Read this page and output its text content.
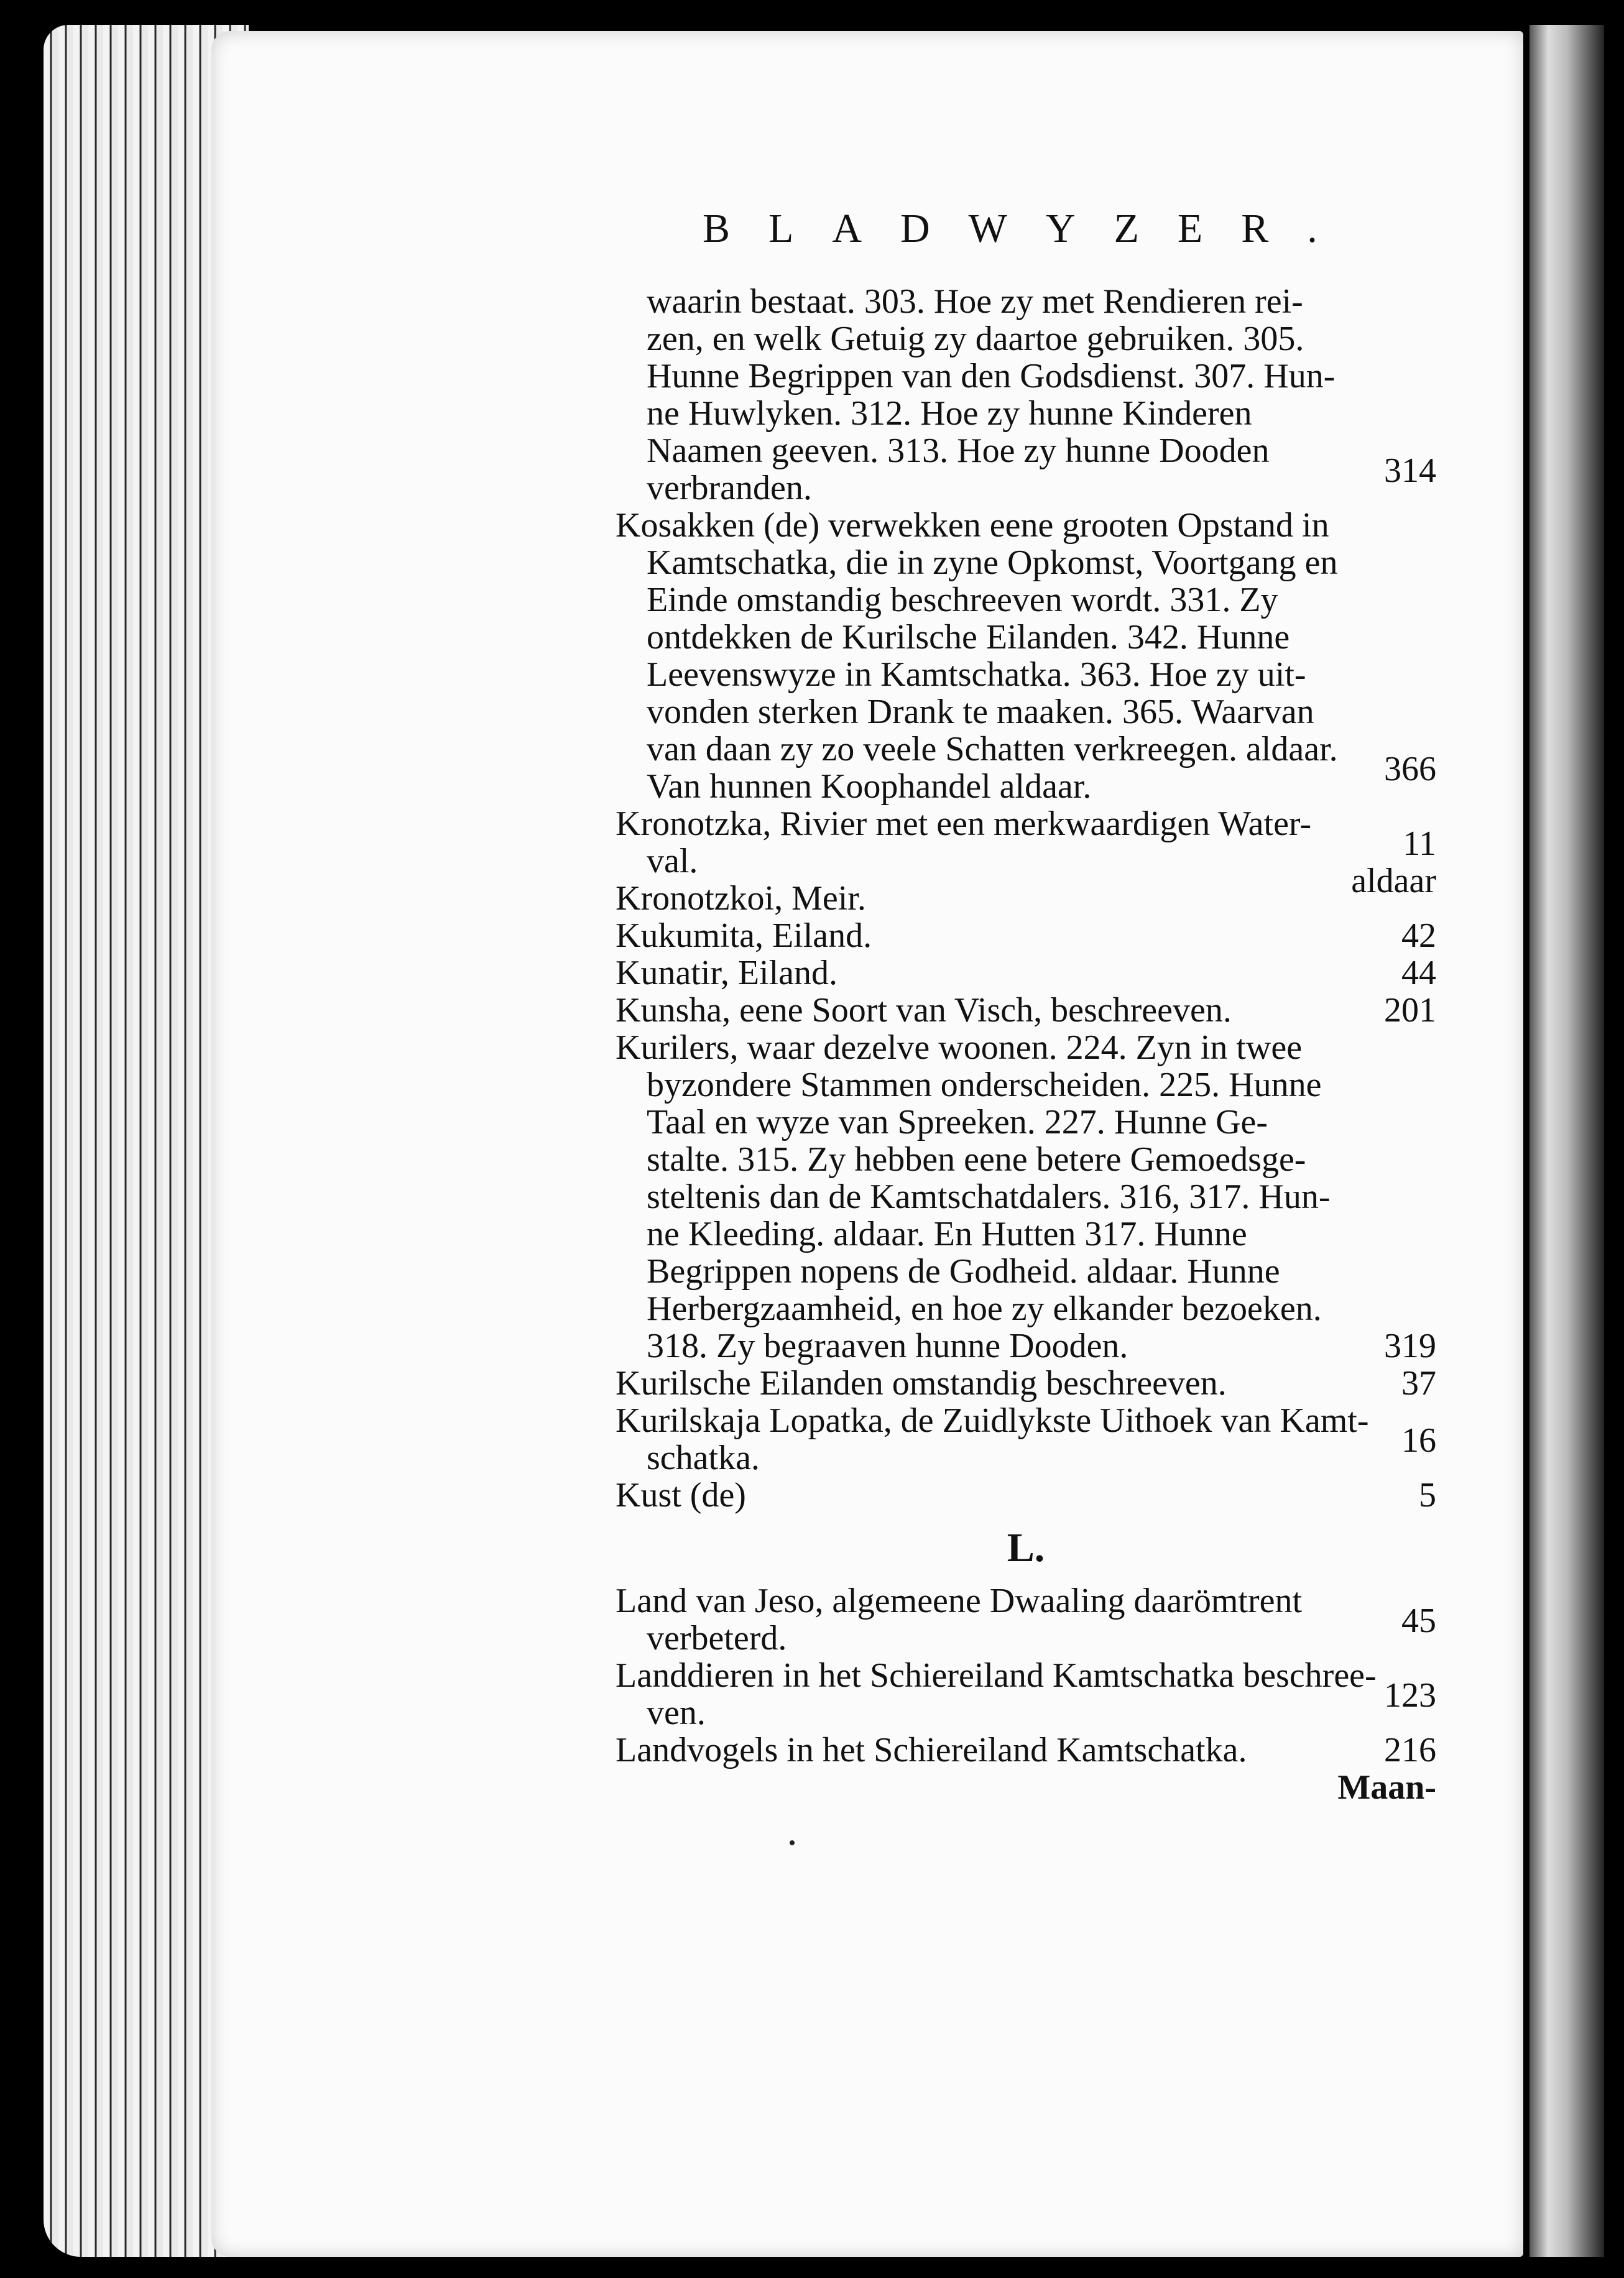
BLADWYZER.
waarin bestaat. 303. Hoe zy met Rendieren rei-
zen, en welk Getuig zy daartoe gebruiken. 305.
Hunne Begrippen van den Godsdienst. 307. Hun-
ne Huwlyken. 312. Hoe zy hunne Kinderen
Naamen geeven. 313. Hoe zy hunne Dooden
verbranden.	314
Kosakken (de) verwekken eene grooten Opstand in
Kamtschatka, die in zyne Opkomst, Voortgang en
Einde omstandig beschreeven wordt. 331. Zy
ontdekken de Kurilsche Eilanden. 342. Hunne
Leevenswyze in Kamtschatka. 363. Hoe zy uit-
vonden sterken Drank te maaken. 365. Waarvan
van daan zy zo veele Schatten verkreegen. aldaar.
Van hunnen Koophandel aldaar.	366
Kronotzka, Rivier met een merkwaardigen Water-
val.	11
Kronotzkoi, Meir.	aldaar
Kukumita, Eiland.	42
Kunatir, Eiland.	44
Kunsha, eene Soort van Visch, beschreeven.	201
Kurilers, waar dezelve woonen. 224. Zyn in twee
byzondere Stammen onderscheiden. 225. Hunne
Taal en wyze van Spreeken. 227. Hunne Ge-
stalte. 315. Zy hebben eene betere Gemoedsge-
steltenis dan de Kamtschatdalers. 316, 317. Hun-
ne Kleeding. aldaar. En Hutten 317. Hunne
Begrippen nopens de Godheid. aldaar. Hunne
Herbergzaamheid, en hoe zy elkander bezoeken.
318. Zy begraaven hunne Dooden.	319
Kurilsche Eilanden omstandig beschreeven.	37
Kurilskaja Lopatka, de Zuidlykste Uithoek van Kamt-
schatka.	16
Kust (de)	5
L.
Land van Jeso, algemeene Dwaaling daarömtrent
verbeterd.	45
Landdieren in het Schiereiland Kamtschatka beschree-
ven.	123
Landvogels in het Schiereiland Kamtschatka.	216
Maan-
